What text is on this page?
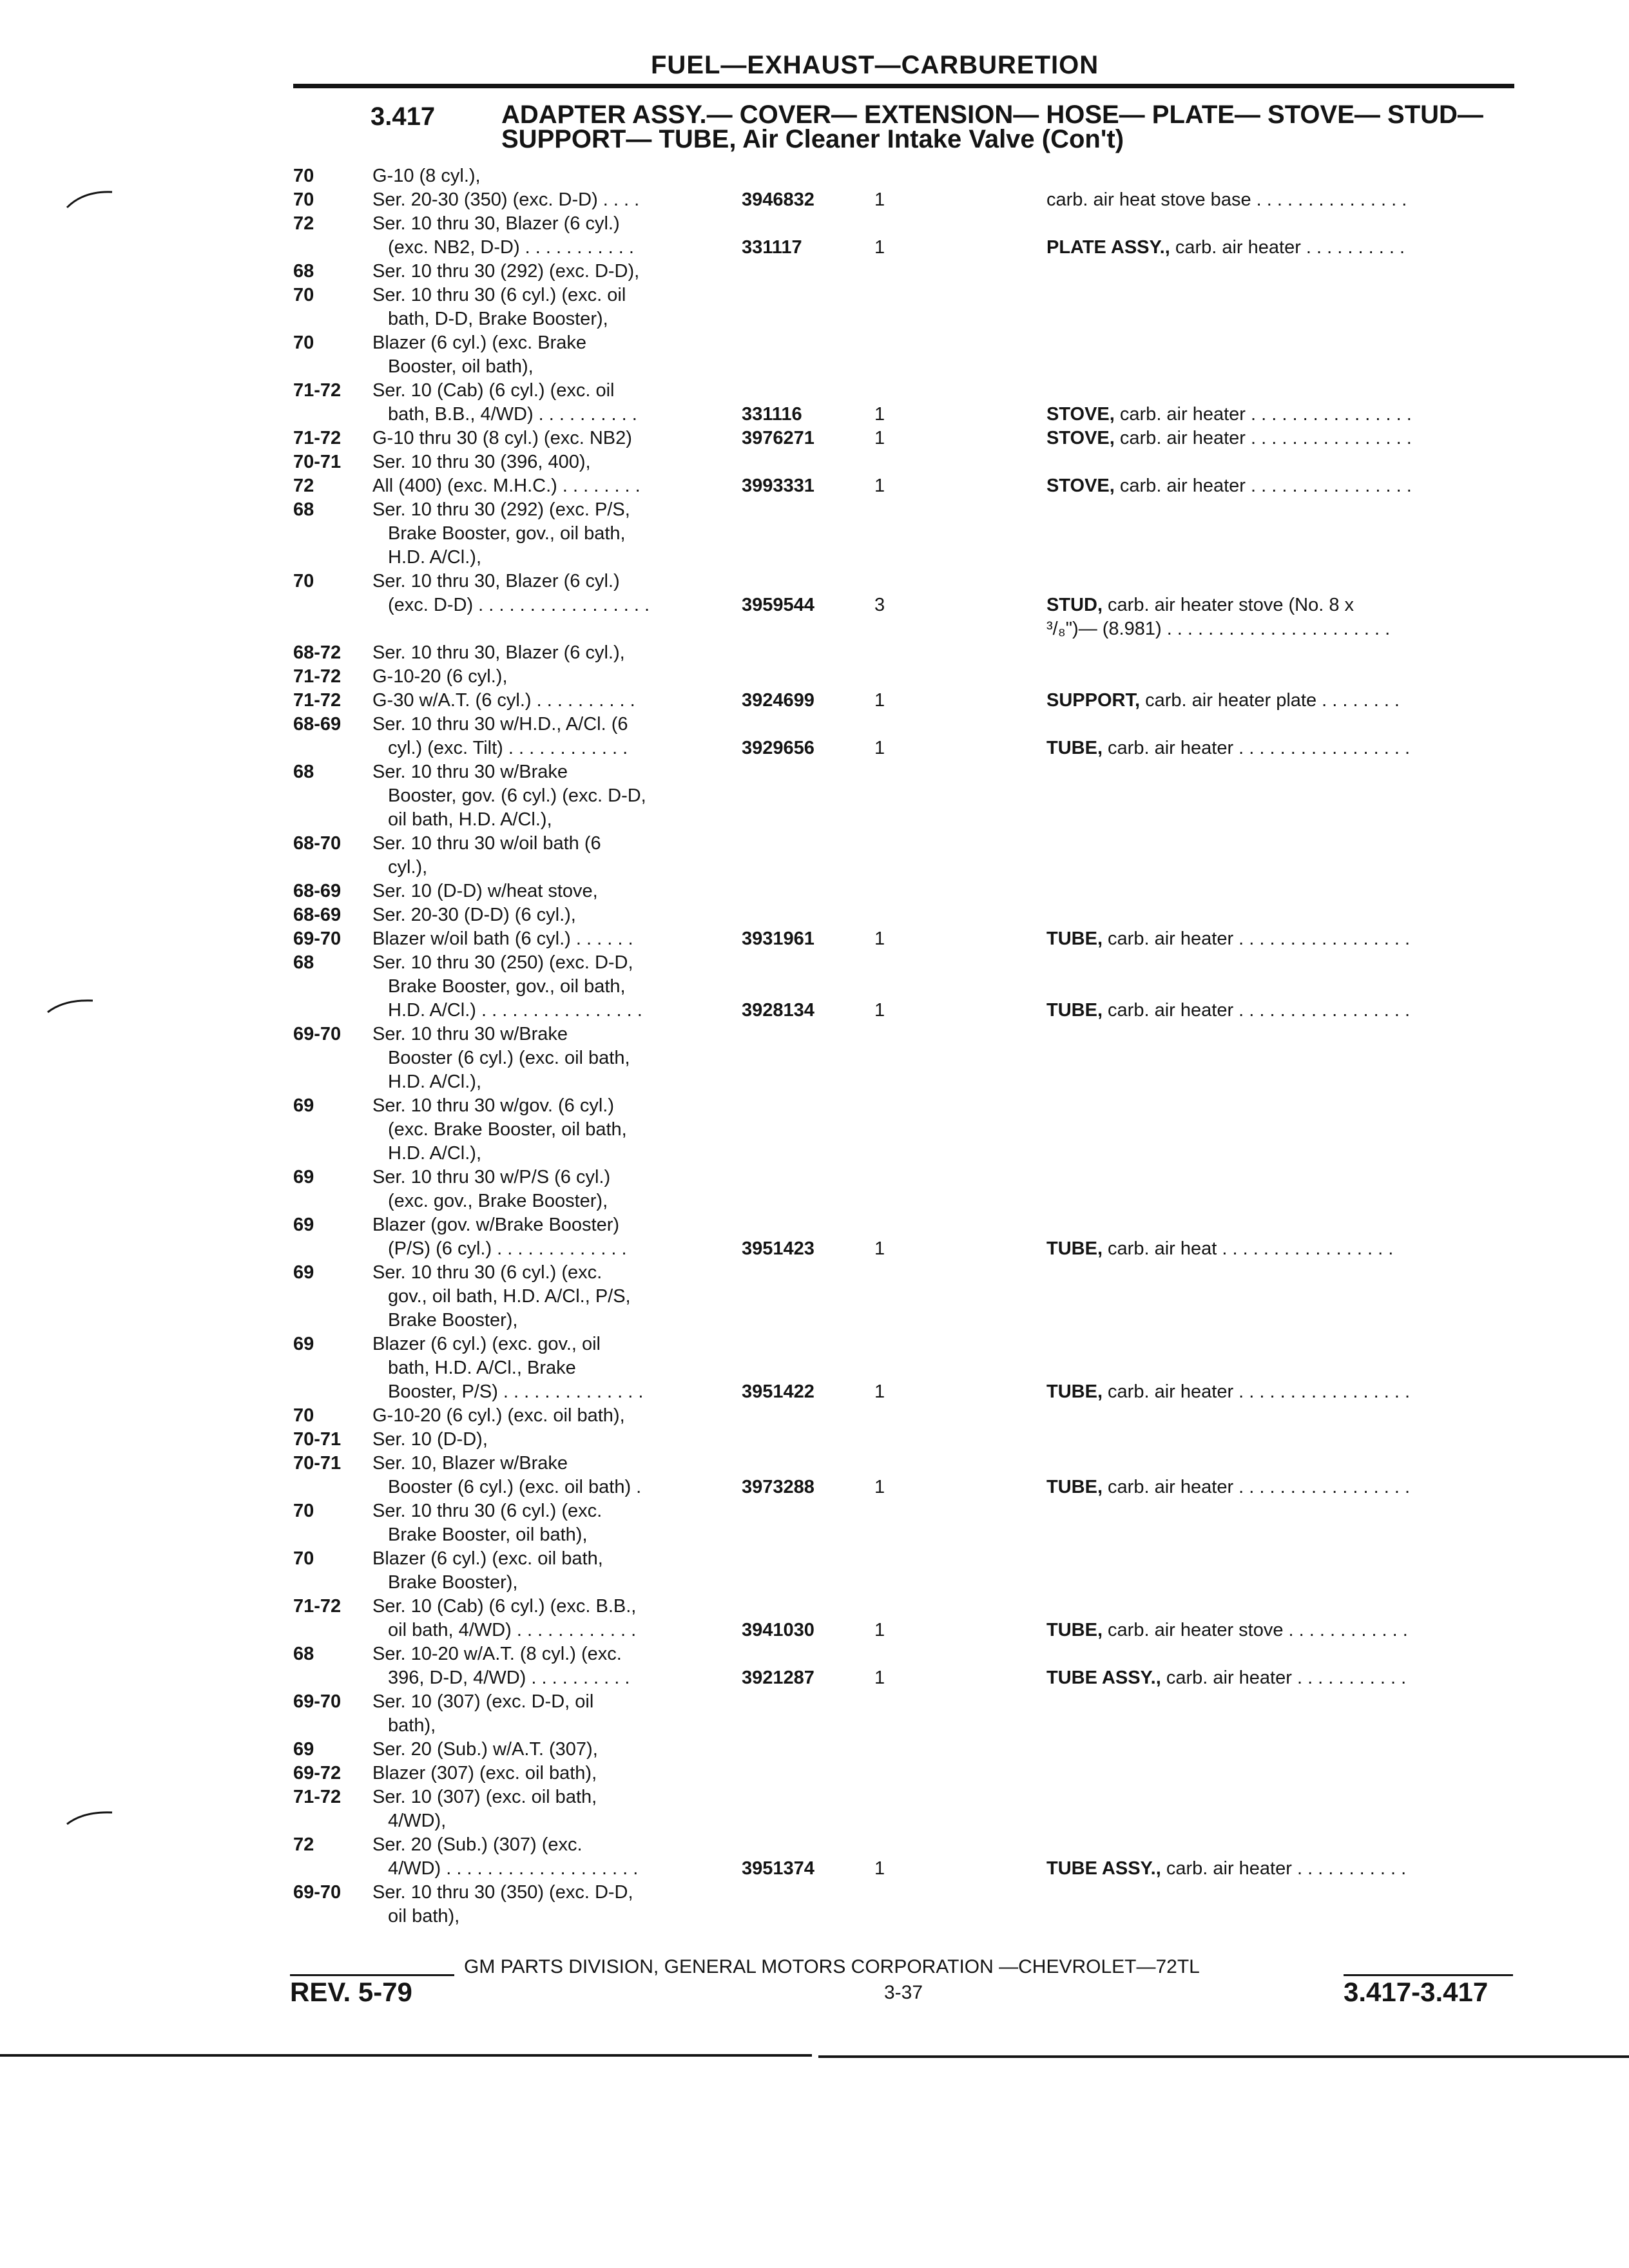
FUEL—EXHAUST—CARBURETION
3.417	ADAPTER ASSY.— COVER— EXTENSION— HOSE— PLATE— STOVE— STUD— SUPPORT— TUBE, Air Cleaner Intake Valve (Con't)
70	G-10 (8 cyl.),
70	Ser. 20-30 (350) (exc. D-D) . . . .	3946832	1	carb. air heat stove base . . . . . . . . . . . . . . .
72	Ser. 10 thru 30, Blazer (6 cyl.)
(exc. NB2, D-D) . . . . . . . . . . .	331117	1	PLATE ASSY., carb. air heater . . . . . . . . . .
68	Ser. 10 thru 30 (292) (exc. D-D),
70	Ser. 10 thru 30 (6 cyl.) (exc. oil
bath, D-D, Brake Booster),
70	Blazer (6 cyl.) (exc. Brake
Booster, oil bath),
71-72 Ser. 10 (Cab) (6 cyl.) (exc. oil
bath, B.B., 4/WD) . . . . . . . . . .	331116	1	STOVE, carb. air heater . . . . . . . . . . . . . . . .
71-72 G-10 thru 30 (8 cyl.) (exc. NB2)	3976271	1	STOVE, carb. air heater . . . . . . . . . . . . . . . .
70-71 Ser. 10 thru 30 (396, 400),
72	All (400) (exc. M.H.C.) . . . . . . . .	3993331	1	STOVE, carb. air heater . . . . . . . . . . . . . . . .
68	Ser. 10 thru 30 (292) (exc. P/S,
Brake Booster, gov., oil bath,
H.D. A/Cl.),
70	Ser. 10 thru 30, Blazer (6 cyl.)
(exc. D-D) . . . . . . . . . . . . . . . . .	3959544	3	STUD, carb. air heater stove (No. 8 x
³/₈")— (8.981) . . . . . . . . . . . . . . . . . . . . . .
68-72 Ser. 10 thru 30, Blazer (6 cyl.),
71-72 G-10-20 (6 cyl.),
71-72 G-30 w/A.T. (6 cyl.) . . . . . . . . . .	3924699	1	SUPPORT, carb. air heater plate . . . . . . . .
68-69 Ser. 10 thru 30 w/H.D., A/Cl. (6
cyl.) (exc. Tilt) . . . . . . . . . . . .	3929656	1	TUBE, carb. air heater . . . . . . . . . . . . . . . . .
68	Ser. 10 thru 30 w/Brake
Booster, gov. (6 cyl.) (exc. D-D,
oil bath, H.D. A/Cl.),
68-70 Ser. 10 thru 30 w/oil bath (6
cyl.),
68-69 Ser. 10 (D-D) w/heat stove,
68-69 Ser. 20-30 (D-D) (6 cyl.),
69-70 Blazer w/oil bath (6 cyl.) . . . . . .	3931961	1	TUBE, carb. air heater . . . . . . . . . . . . . . . . .
68	Ser. 10 thru 30 (250) (exc. D-D,
Brake Booster, gov., oil bath,
H.D. A/Cl.) . . . . . . . . . . . . . . . .	3928134	1	TUBE, carb. air heater . . . . . . . . . . . . . . . . .
69-70 Ser. 10 thru 30 w/Brake
Booster (6 cyl.) (exc. oil bath,
H.D. A/Cl.),
69	Ser. 10 thru 30 w/gov. (6 cyl.)
(exc. Brake Booster, oil bath,
H.D. A/Cl.),
69	Ser. 10 thru 30 w/P/S (6 cyl.)
(exc. gov., Brake Booster),
69	Blazer (gov. w/Brake Booster)
(P/S) (6 cyl.) . . . . . . . . . . . . .	3951423	1	TUBE, carb. air heat . . . . . . . . . . . . . . . . .
69	Ser. 10 thru 30 (6 cyl.) (exc.
gov., oil bath, H.D. A/Cl., P/S,
Brake Booster),
69	Blazer (6 cyl.) (exc. gov., oil
bath, H.D. A/Cl., Brake
Booster, P/S) . . . . . . . . . . . . . .	3951422	1	TUBE, carb. air heater . . . . . . . . . . . . . . . . .
70	G-10-20 (6 cyl.) (exc. oil bath),
70-71 Ser. 10 (D-D),
70-71 Ser. 10, Blazer w/Brake
Booster (6 cyl.) (exc. oil bath) .	3973288	1	TUBE, carb. air heater . . . . . . . . . . . . . . . . .
70	Ser. 10 thru 30 (6 cyl.) (exc.
Brake Booster, oil bath),
70	Blazer (6 cyl.) (exc. oil bath,
Brake Booster),
71-72 Ser. 10 (Cab) (6 cyl.) (exc. B.B.,
oil bath, 4/WD) . . . . . . . . . . . .	3941030	1	TUBE, carb. air heater stove . . . . . . . . . . . .
68	Ser. 10-20 w/A.T. (8 cyl.) (exc.
396, D-D, 4/WD) . . . . . . . . . .	3921287	1	TUBE ASSY., carb. air heater . . . . . . . . . . .
69-70 Ser. 10 (307) (exc. D-D, oil
bath),
69	Ser. 20 (Sub.) w/A.T. (307),
69-72 Blazer (307) (exc. oil bath),
71-72 Ser. 10 (307) (exc. oil bath,
4/WD),
72	Ser. 20 (Sub.) (307) (exc.
4/WD) . . . . . . . . . . . . . . . . . . .	3951374	1	TUBE ASSY., carb. air heater . . . . . . . . . . .
69-70 Ser. 10 thru 30 (350) (exc. D-D,
oil bath),
GM PARTS DIVISION, GENERAL MOTORS CORPORATION —CHEVROLET—72TL
REV. 5-79	3-37	3.417-3.417
